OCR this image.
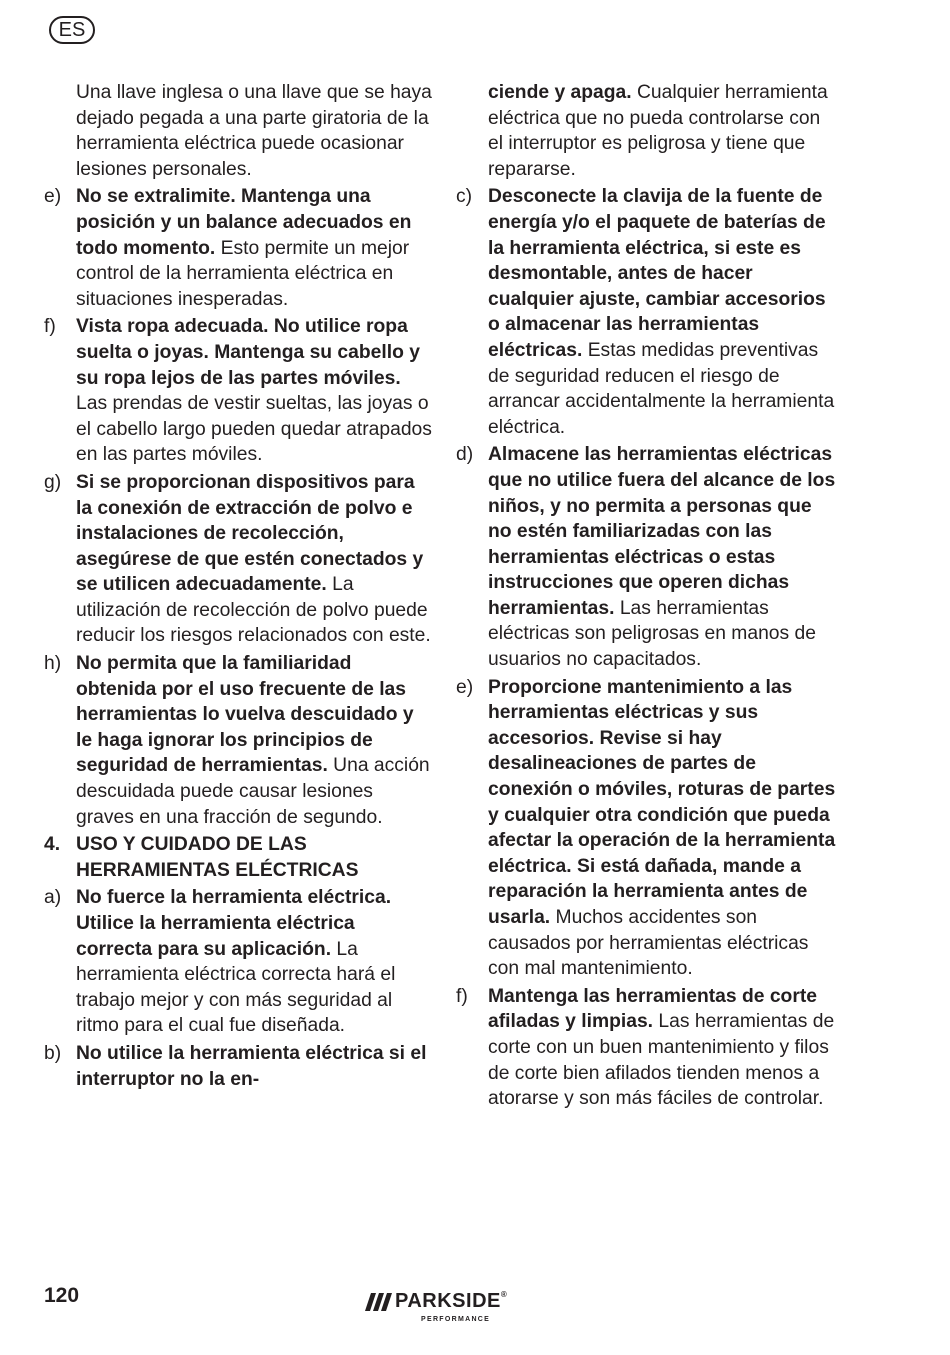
ES
Una llave inglesa o una llave que se haya dejado pegada a una parte giratoria de la herramienta eléctrica puede ocasionar lesiones personales.
e) No se extralimite. Mantenga una posición y un balance adecuados en todo momento. Esto permite un mejor control de la herramienta eléctrica en situaciones inesperadas.
f)	Vista ropa adecuada. No utilice ropa suelta o joyas. Mantenga su cabello y su ropa lejos de las partes móviles. Las prendas de vestir sueltas, las joyas o el cabello largo pueden quedar atrapados en las partes móviles.
g) Si se proporcionan dispositivos para la conexión de extracción de polvo e instalaciones de recolección, asegúrese de que estén conectados y se utilicen adecuadamente. La utilización de recolección de polvo puede reducir los riesgos relacionados con este.
h) No permita que la familiaridad obtenida por el uso frecuente de las herramientas lo vuelva descuidado y le haga ignorar los principios de seguridad de herramientas. Una acción descuidada puede causar lesiones graves en una fracción de segundo.
4. USO Y CUIDADO DE LAS HERRAMIENTAS ELÉCTRICAS
a) No fuerce la herramienta eléctrica. Utilice la herramienta eléctrica correcta para su aplicación. La herramienta eléctrica correcta hará el trabajo mejor y con más seguridad al ritmo para el cual fue diseñada.
b) No utilice la herramienta eléctrica si el interruptor no la en-
ciende y apaga. Cualquier herramienta eléctrica que no pueda controlarse con el interruptor es peligrosa y tiene que repararse.
c) Desconecte la clavija de la fuente de energía y/o el paquete de baterías de la herramienta eléctrica, si este es desmontable, antes de hacer cualquier ajuste, cambiar accesorios o almacenar las herramientas eléctricas. Estas medidas preventivas de seguridad reducen el riesgo de arrancar accidentalmente la herramienta eléctrica.
d) Almacene las herramientas eléctricas que no utilice fuera del alcance de los niños, y no permita a personas que no estén familiarizadas con las herramientas eléctricas o estas instrucciones que operen dichas herramientas. Las herramientas eléctricas son peligrosas en manos de usuarios no capacitados.
e) Proporcione mantenimiento a las herramientas eléctricas y sus accesorios. Revise si hay desalineaciones de partes de conexión o móviles, roturas de partes y cualquier otra condición que pueda afectar la operación de la herramienta eléctrica. Si está dañada, mande a reparación la herramienta antes de usarla. Muchos accidentes son causados por herramientas eléctricas con mal mantenimiento.
f)	Mantenga las herramientas de corte afiladas y limpias. Las herramientas de corte con un buen mantenimiento y filos de corte bien afilados tienden menos a atorarse y son más fáciles de controlar.
120	PARKSIDE®
PERFORMANCE
